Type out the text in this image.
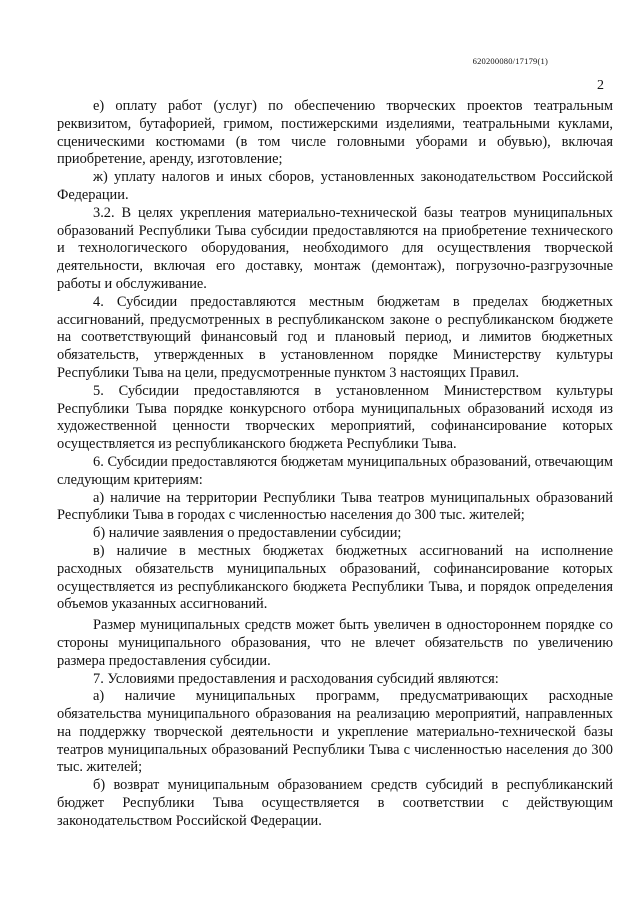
620200080/17179(1)
2

е) оплату работ (услуг) по обеспечению творческих проектов театральным реквизитом, бутафорией, гримом, постижерскими изделиями, театральными куклами, сценическими костюмами (в том числе головными уборами и обувью), включая приобретение, аренду, изготовление;

ж) уплату налогов и иных сборов, установленных законодательством Российской Федерации.

3.2. В целях укрепления материально-технической базы театров муниципальных образований Республики Тыва субсидии предоставляются на приобретение технического и технологического оборудования, необходимого для осуществления творческой деятельности, включая его доставку, монтаж (демонтаж), погрузочно-разгрузочные работы и обслуживание.

4. Субсидии предоставляются местным бюджетам в пределах бюджетных ассигнований, предусмотренных в республиканском законе о республиканском бюджете на соответствующий финансовый год и плановый период, и лимитов бюджетных обязательств, утвержденных в установленном порядке Министерству культуры Республики Тыва на цели, предусмотренные пунктом 3 настоящих Правил.

5. Субсидии предоставляются в установленном Министерством культуры Республики Тыва порядке конкурсного отбора муниципальных образований исходя из художественной ценности творческих мероприятий, софинансирование которых осуществляется из республиканского бюджета Республики Тыва.

6. Субсидии предоставляются бюджетам муниципальных образований, отвечающим следующим критериям:

а) наличие на территории Республики Тыва театров муниципальных образований Республики Тыва в городах с численностью населения до 300 тыс. жителей;

б) наличие заявления о предоставлении субсидии;

в) наличие в местных бюджетах бюджетных ассигнований на исполнение расходных обязательств муниципальных образований, софинансирование которых осуществляется из республиканского бюджета Республики Тыва, и порядок определения объемов указанных ассигнований.

Размер муниципальных средств может быть увеличен в одностороннем порядке со стороны муниципального образования, что не влечет обязательств по увеличению размера предоставления субсидии.

7. Условиями предоставления и расходования субсидий являются:

а) наличие муниципальных программ, предусматривающих расходные обязательства муниципального образования на реализацию мероприятий, направленных на поддержку творческой деятельности и укрепление материально-технической базы театров муниципальных образований Республики Тыва с численностью населения до 300 тыс. жителей;

б) возврат муниципальным образованием средств субсидий в республиканский бюджет Республики Тыва осуществляется в соответствии с действующим законодательством Российской Федерации.
